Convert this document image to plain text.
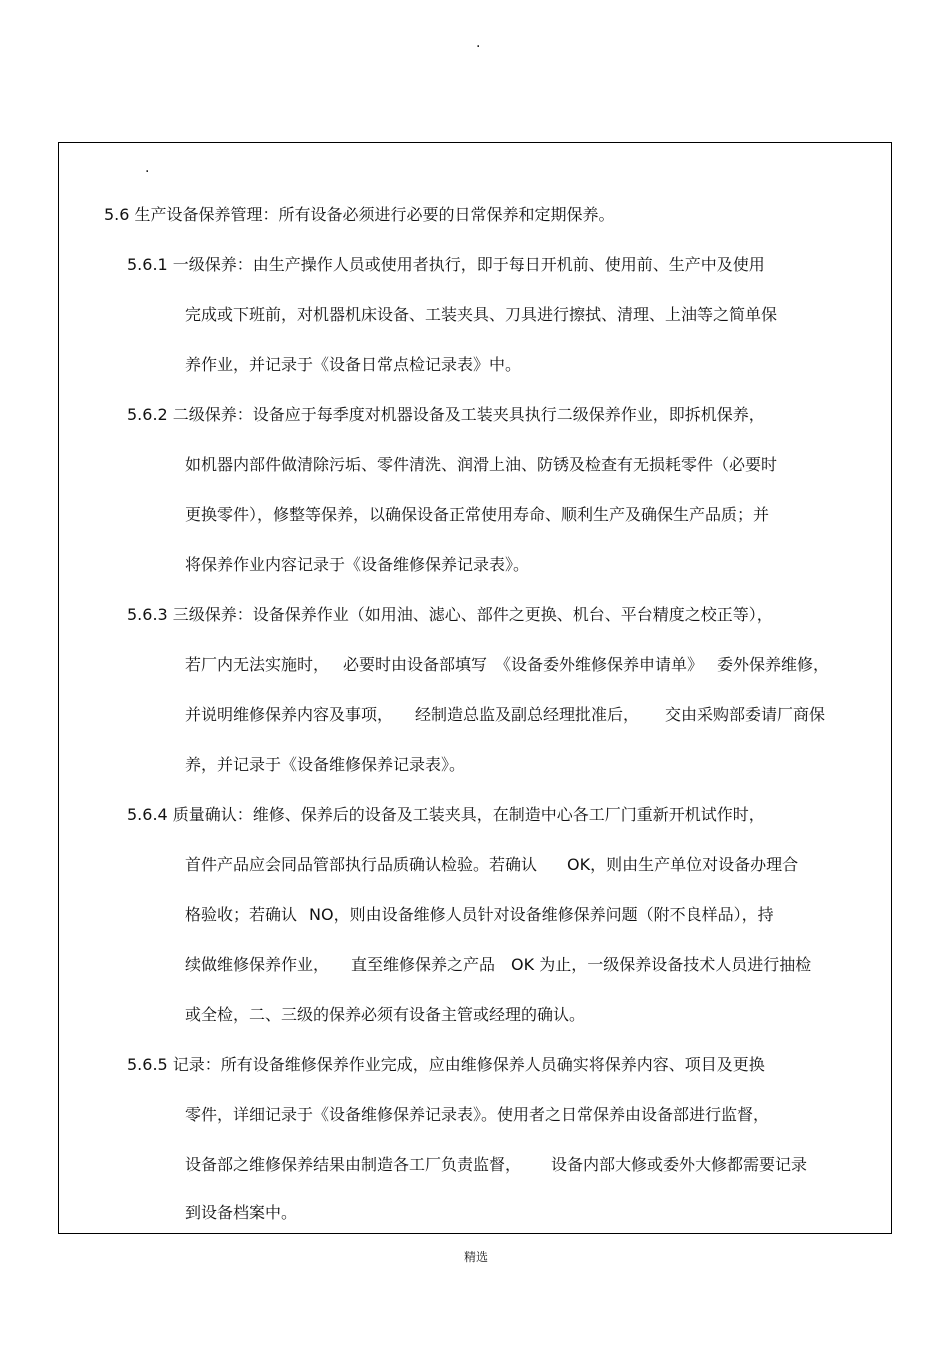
.
.
5.6 生产设备保养管理：所有设备必须进行必要的日常保养和定期保养。
5.6.1 一级保养：由生产操作人员或使用者执行，即于每日开机前、使用前、生产中及使用
完成或下班前，对机器机床设备、工装夹具、刀具进行擦拭、清理、上油等之简单保
养作业，并记录于《设备日常点检记录表》中。
5.6.2 二级保养：设备应于每季度对机器设备及工装夹具执行二级保养作业，即拆机保养，
如机器内部件做清除污垢、零件清洗、润滑上油、防锈及检查有无损耗零件（必要时
更换零件），修整等保养，以确保设备正常使用寿命、顺利生产及确保生产品质；并
将保养作业内容记录于《设备维修保养记录表》。
5.6.3 三级保养：设备保养作业（如用油、滤心、部件之更换、机台、平台精度之校正等），
若厂内无法实施时， 必要时由设备部填写 《设备委外维修保养申请单》 委外保养维修，
并说明维修保养内容及事项， 经制造总监及副总经理批准后， 交由采购部委请厂商保
养，并记录于《设备维修保养记录表》。
5.6.4 质量确认：维修、保养后的设备及工装夹具，在制造中心各工厂门重新开机试作时，
首件产品应会同品管部执行品质确认检验。若确认 OK，则由生产单位对设备办理合
格验收；若确认 NO，则由设备维修人员针对设备维修保养问题（附不良样品），持
续做维修保养作业， 直至维修保养之产品 OK 为止，一级保养设备技术人员进行抽检
或全检，二、三级的保养必须有设备主管或经理的确认。
5.6.5 记录：所有设备维修保养作业完成，应由维修保养人员确实将保养内容、项目及更换
零件，详细记录于《设备维修保养记录表》。使用者之日常保养由设备部进行监督，
设备部之维修保养结果由制造各工厂负责监督， 设备内部大修或委外大修都需要记录
到设备档案中。
精选
